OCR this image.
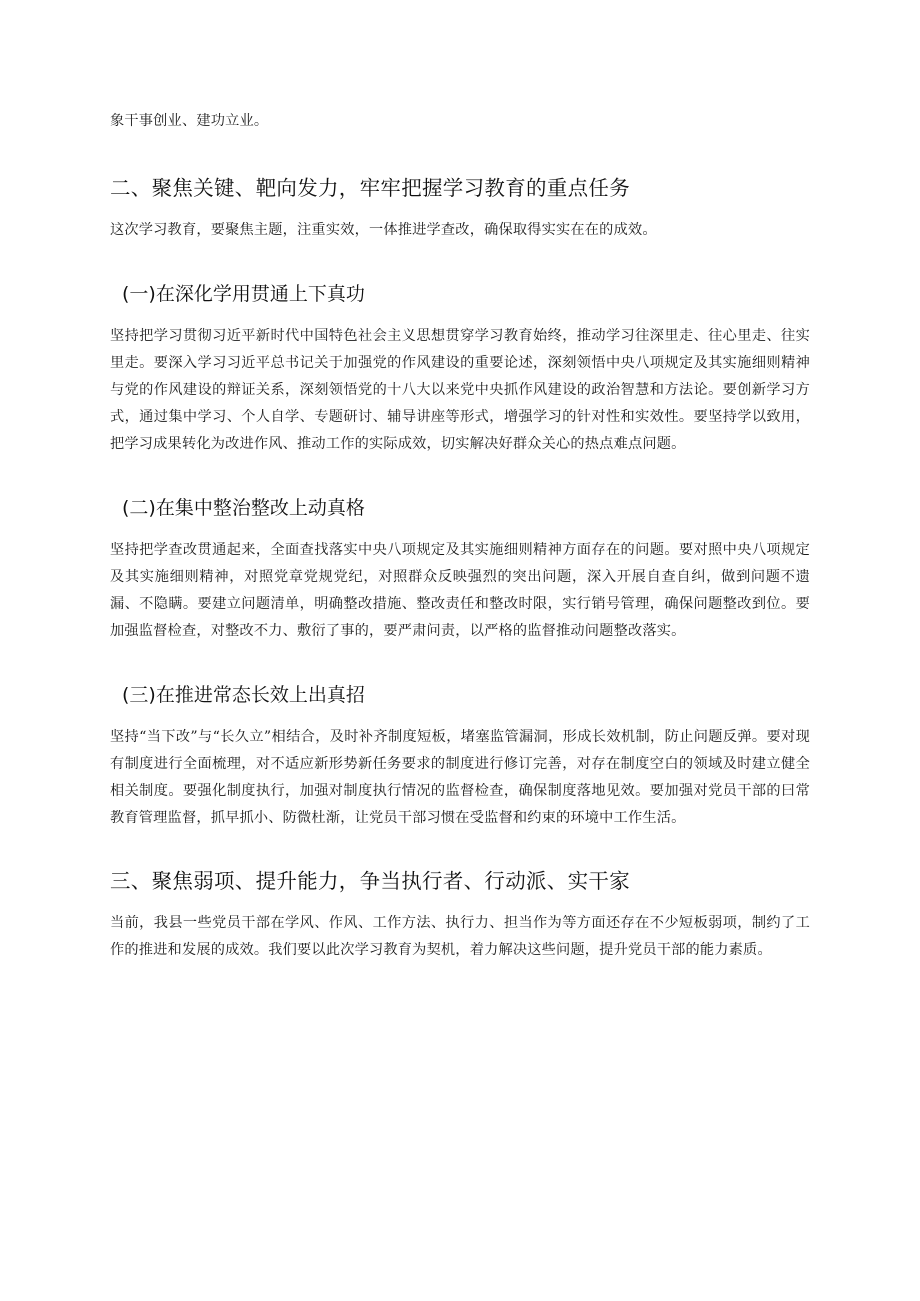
象干事创业、建功立业。

二、聚焦关键、靶向发力，牢牢把握学习教育的重点任务

这次学习教育，要聚焦主题，注重实效，一体推进学查改，确保取得实实在在的成效。

(一)在深化学用贯通上下真功

坚持把学习贯彻习近平新时代中国特色社会主义思想贯穿学习教育始终，推动学习往深里走、往心里走、往实里走。要深入学习习近平总书记关于加强党的作风建设的重要论述，深刻领悟中央八项规定及其实施细则精神与党的作风建设的辩证关系，深刻领悟党的十八大以来党中央抓作风建设的政治智慧和方法论。要创新学习方式，通过集中学习、个人自学、专题研讨、辅导讲座等形式，增强学习的针对性和实效性。要坚持学以致用，把学习成果转化为改进作风、推动工作的实际成效，切实解决好群众关心的热点难点问题。

(二)在集中整治整改上动真格

坚持把学查改贯通起来，全面查找落实中央八项规定及其实施细则精神方面存在的问题。要对照中央八项规定及其实施细则精神，对照党章党规党纪，对照群众反映强烈的突出问题，深入开展自查自纠，做到问题不遗漏、不隐瞒。要建立问题清单，明确整改措施、整改责任和整改时限，实行销号管理，确保问题整改到位。要加强监督检查，对整改不力、敷衍了事的，要严肃问责，以严格的监督推动问题整改落实。

(三)在推进常态长效上出真招

坚持“当下改”与“长久立”相结合，及时补齐制度短板，堵塞监管漏洞，形成长效机制，防止问题反弹。要对现有制度进行全面梳理，对不适应新形势新任务要求的制度进行修订完善，对存在制度空白的领域及时建立健全相关制度。要强化制度执行，加强对制度执行情况的监督检查，确保制度落地见效。要加强对党员干部的曰常教育管理监督，抓早抓小、防微杜渐，让党员干部习惯在受监督和约束的环境中工作生活。

三、聚焦弱项、提升能力，争当执行者、行动派、实干家

当前，我县一些党员干部在学风、作风、工作方法、执行力、担当作为等方面还存在不少短板弱项，制约了工作的推进和发展的成效。我们要以此次学习教育为契机，着力解决这些问题，提升党员干部的能力素质。
